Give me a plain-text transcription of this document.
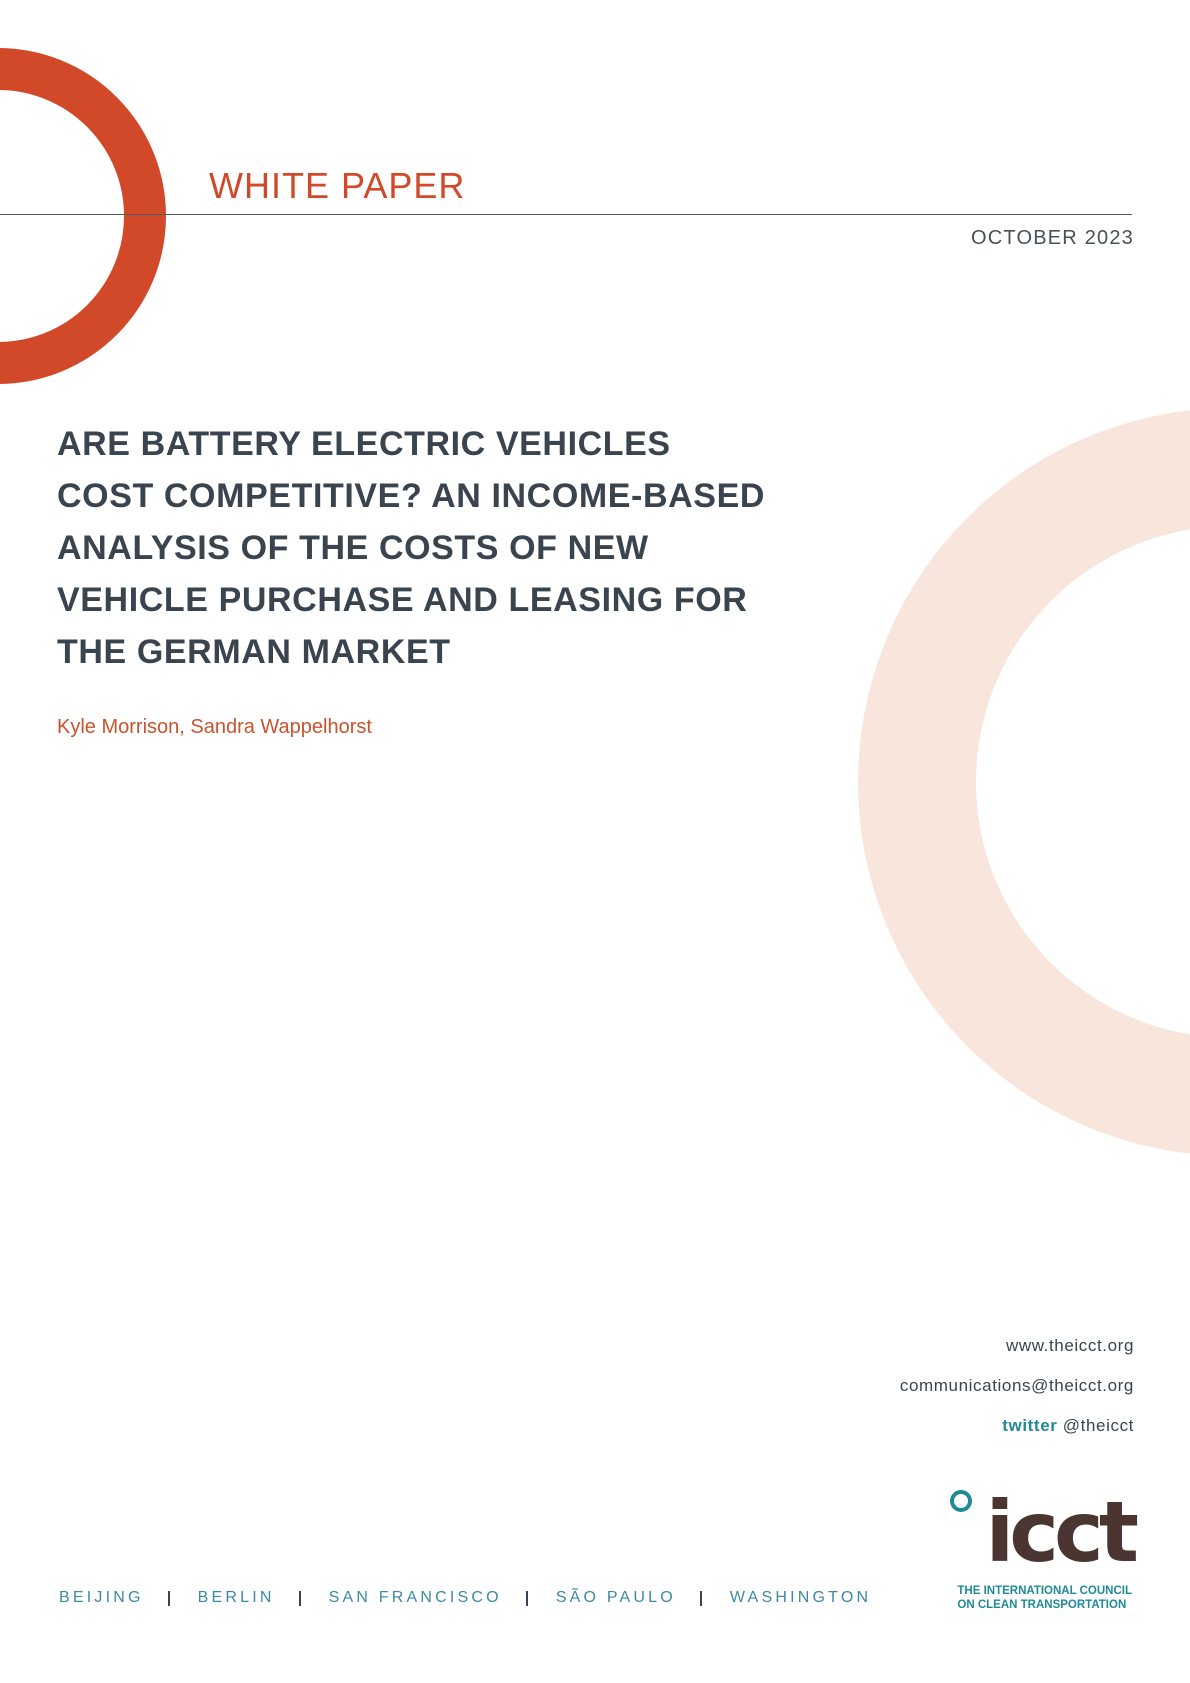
WHITE PAPER
OCTOBER 2023
ARE BATTERY ELECTRIC VEHICLES
COST COMPETITIVE? AN INCOME-BASED
ANALYSIS OF THE COSTS OF NEW
VEHICLE PURCHASE AND LEASING FOR
THE GERMAN MARKET
Kyle Morrison, Sandra Wappelhorst
www.theicct.org
communications@theicct.org
twitter @theicct
BEIJING	BERLIN	SAN FRANCISCO	SÃO PAULO	WASHINGTON
icct
THE INTERNATIONAL COUNCIL
ON CLEAN TRANSPORTATION
